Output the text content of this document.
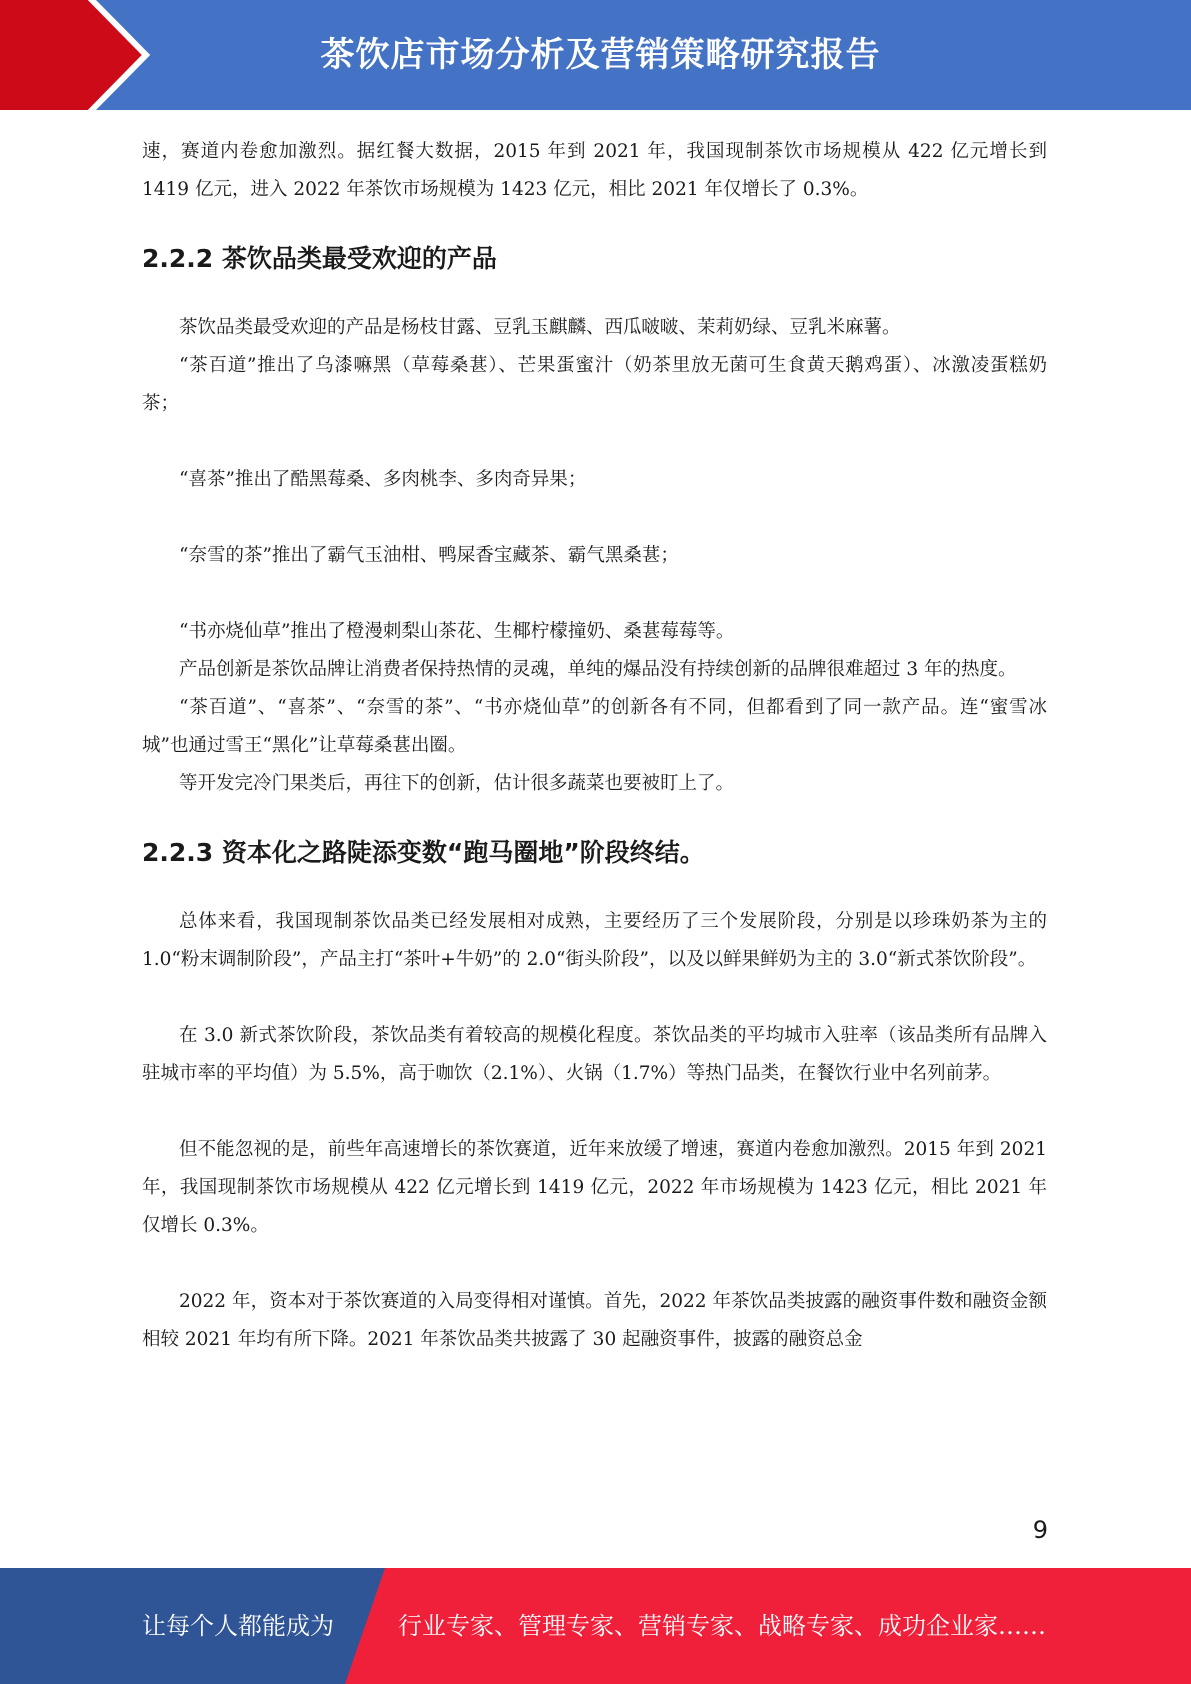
茶饮店市场分析及营销策略研究报告

速，赛道内卷愈加激烈。据红餐大数据，2015 年到 2021 年，我国现制茶饮市场规模从 422 亿元增长到 1419 亿元，进入 2022 年茶饮市场规模为 1423 亿元，相比 2021 年仅增长了 0.3%。

2.2.2 茶饮品类最受欢迎的产品

茶饮品类最受欢迎的产品是杨枝甘露、豆乳玉麒麟、西瓜啵啵、茉莉奶绿、豆乳米麻薯。

“茶百道”推出了乌漆嘛黑（草莓桑葚）、芒果蛋蜜汁（奶茶里放无菌可生食黄天鹅鸡蛋）、冰激凌蛋糕奶茶；

“喜茶”推出了酷黑莓桑、多肉桃李、多肉奇异果；

“奈雪的茶”推出了霸气玉油柑、鸭屎香宝藏茶、霸气黑桑葚；

“书亦烧仙草”推出了橙漫刺梨山茶花、生椰柠檬撞奶、桑葚莓莓等。

产品创新是茶饮品牌让消费者保持热情的灵魂，单纯的爆品没有持续创新的品牌很难超过 3 年的热度。

“茶百道”、“喜茶”、“奈雪的茶”、“书亦烧仙草”的创新各有不同，但都看到了同一款产品。连“蜜雪冰城”也通过雪王“黑化”让草莓桑葚出圈。

等开发完冷门果类后，再往下的创新，估计很多蔬菜也要被盯上了。

2.2.3 资本化之路陡添变数“跑马圈地”阶段终结。

总体来看，我国现制茶饮品类已经发展相对成熟，主要经历了三个发展阶段，分别是以珍珠奶茶为主的 1.0“粉末调制阶段”，产品主打“茶叶+牛奶”的 2.0“街头阶段”，以及以鲜果鲜奶为主的 3.0“新式茶饮阶段”。

在 3.0 新式茶饮阶段，茶饮品类有着较高的规模化程度。茶饮品类的平均城市入驻率（该品类所有品牌入驻城市率的平均值）为 5.5%，高于咖饮（2.1%）、火锅（1.7%）等热门品类，在餐饮行业中名列前茅。

但不能忽视的是，前些年高速增长的茶饮赛道，近年来放缓了增速，赛道内卷愈加激烈。2015 年到 2021 年，我国现制茶饮市场规模从 422 亿元增长到 1419 亿元，2022 年市场规模为 1423 亿元，相比 2021 年仅增长 0.3%。

2022 年，资本对于茶饮赛道的入局变得相对谨慎。首先，2022 年茶饮品类披露的融资事件数和融资金额相较 2021 年均有所下降。2021 年茶饮品类共披露了 30 起融资事件，披露的融资总金

9
让每个人都能成为	行业专家、管理专家、营销专家、战略专家、成功企业家……
